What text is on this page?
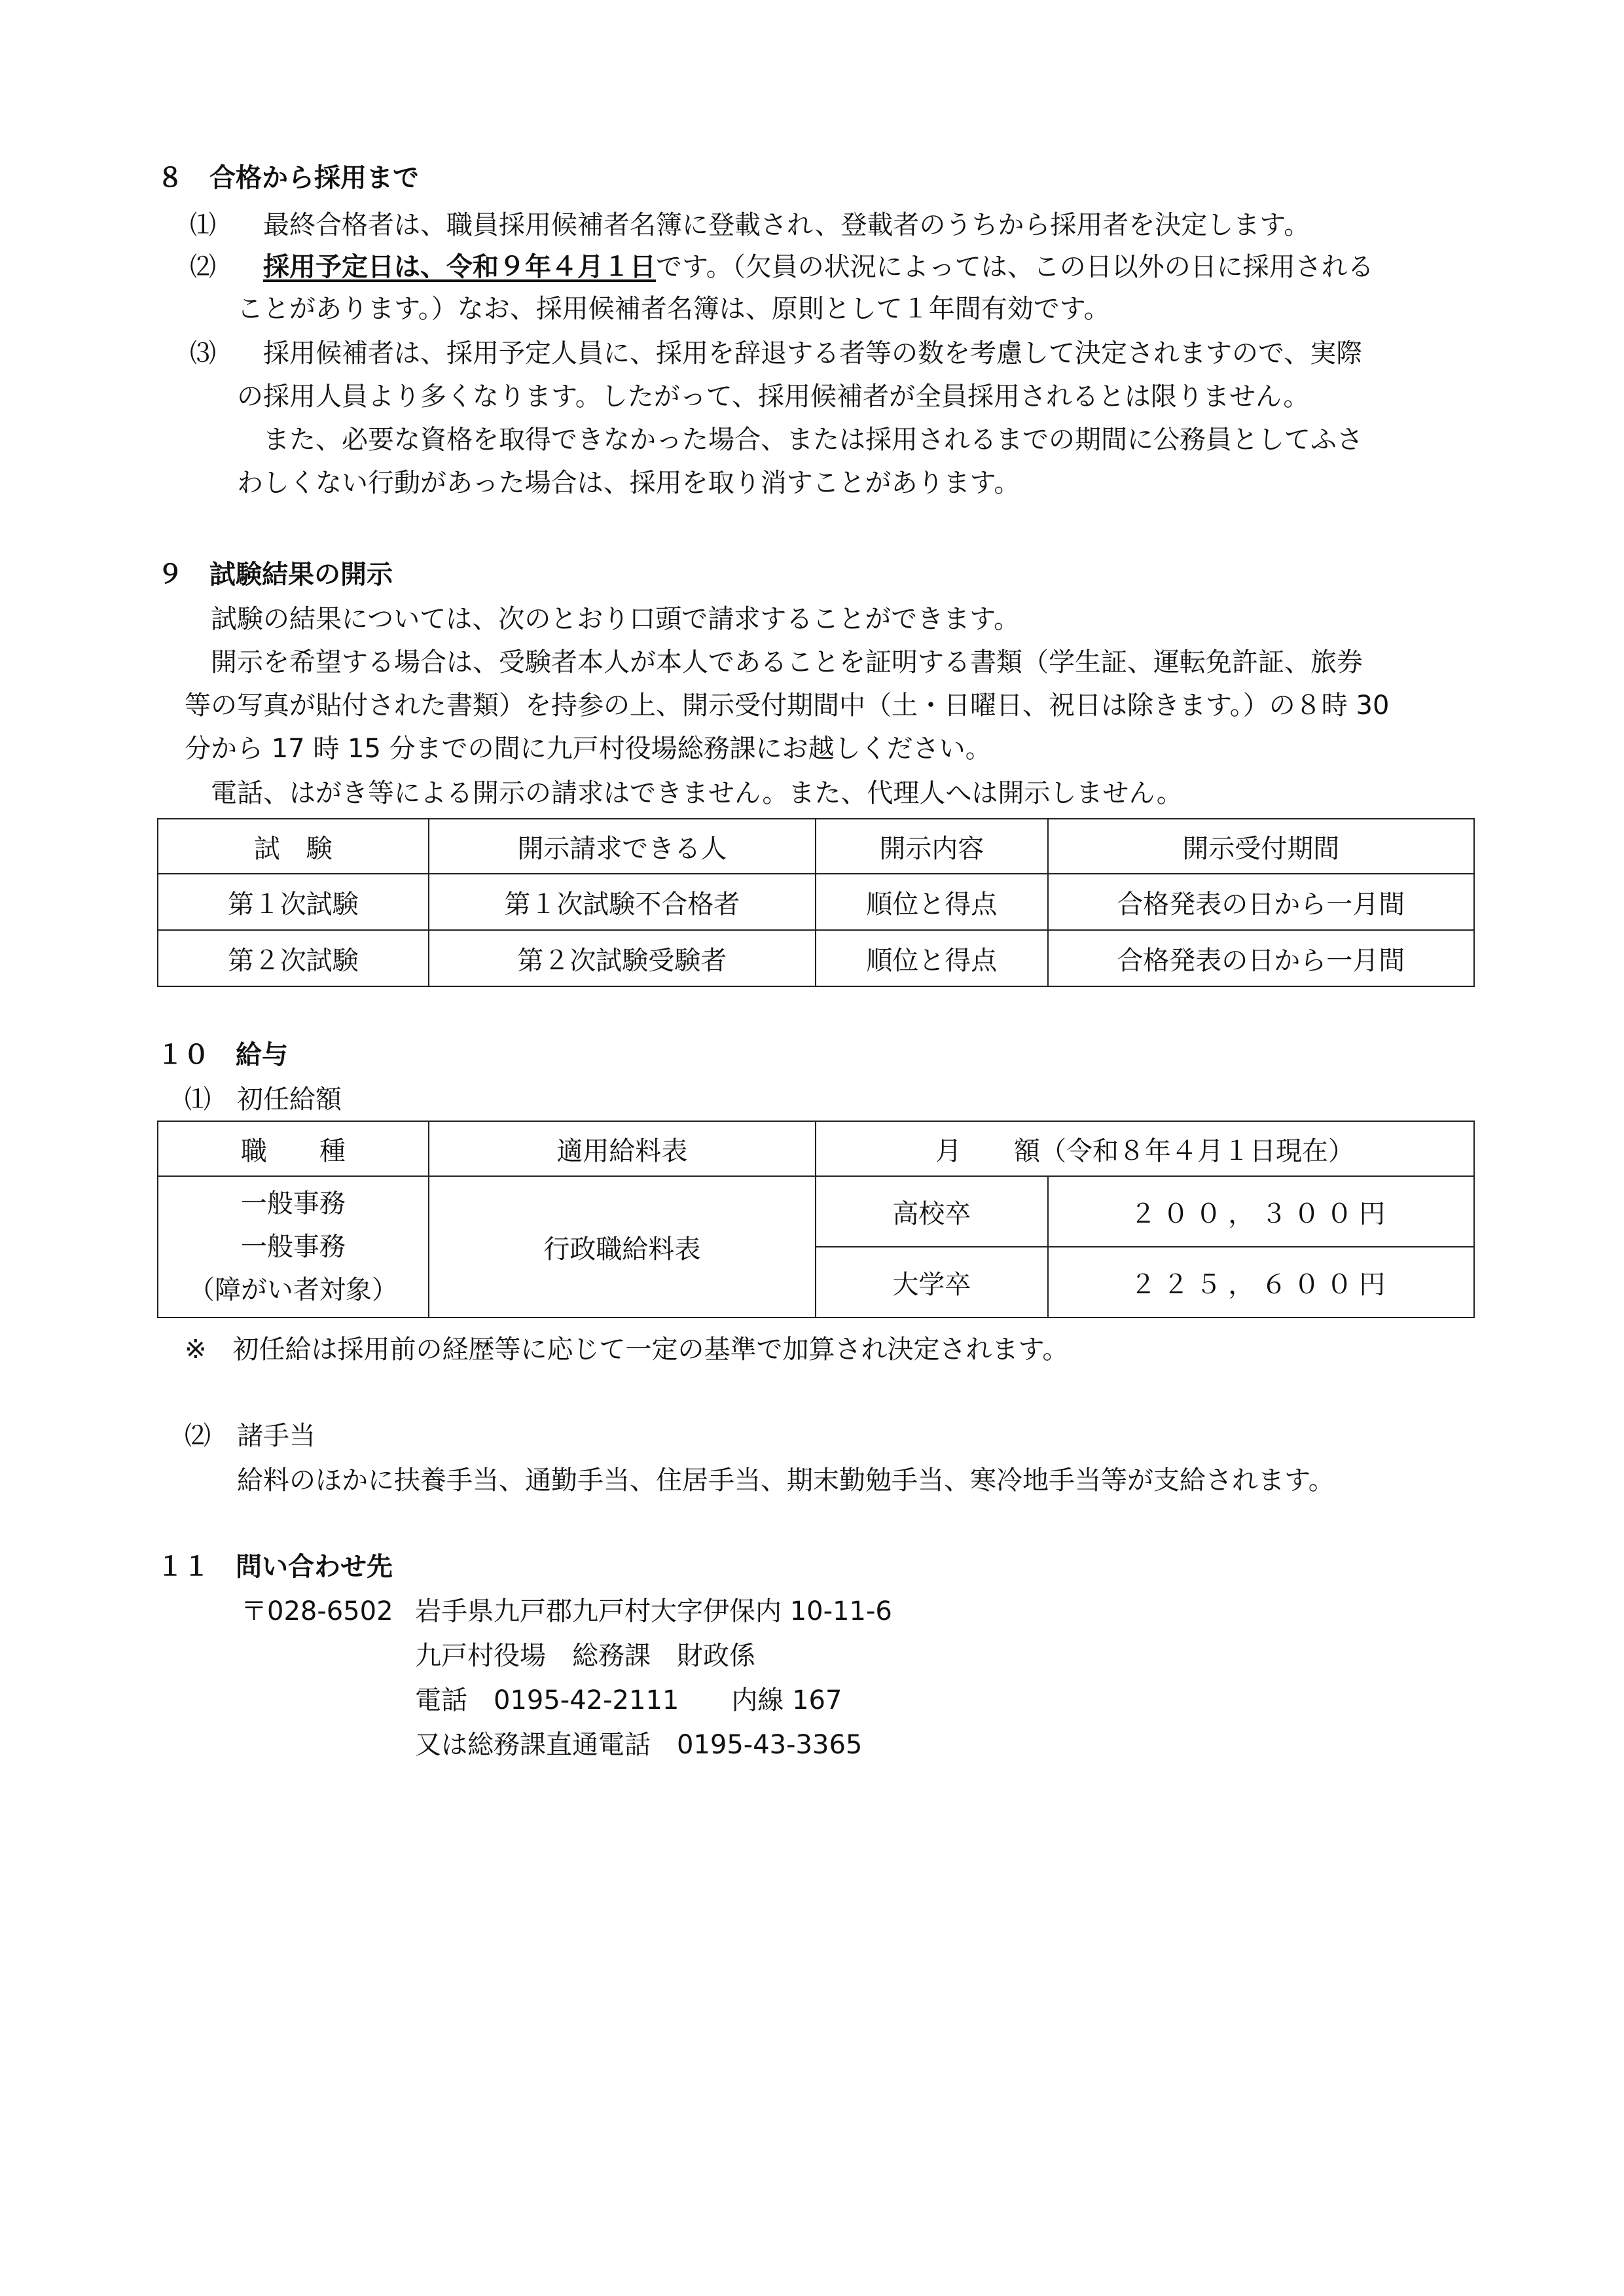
８　合格から採用まで
⑴ 最終合格者は、職員採用候補者名簿に登載され、登載者のうちから採用者を決定します。
⑵ 採用予定日は、令和９年４月１日です。（欠員の状況によっては、この日以外の日に採用される
ことがあります。）なお、採用候補者名簿は、原則として１年間有効です。
⑶ 採用候補者は、採用予定人員に、採用を辞退する者等の数を考慮して決定されますので、実際
の採用人員より多くなります。したがって、採用候補者が全員採用されるとは限りません。
また、必要な資格を取得できなかった場合、または採用されるまでの期間に公務員としてふさ
わしくない行動があった場合は、採用を取り消すことがあります。
９　試験結果の開示
試験の結果については、次のとおり口頭で請求することができます。
開示を希望する場合は、受験者本人が本人であることを証明する書類（学生証、運転免許証、旅券
等の写真が貼付された書類）を持参の上、開示受付期間中（土・日曜日、祝日は除きます。）の８時 30
分から 17 時 15 分までの間に九戸村役場総務課にお越しください。
電話、はがき等による開示の請求はできません。また、代理人へは開示しません。
試　験	開示請求できる人	開示内容	開示受付期間
第１次試験	第１次試験不合格者	順位と得点	合格発表の日から一月間
第２次試験	第２次試験受験者	順位と得点	合格発表の日から一月間
１０　給与
⑴　初任給額
職　　種	適用給料表	月　　額（令和８年４月１日現在）	

一般事務
一般事務
（障がい者対象）	行政職給料表	高校卒	２００，３００円
		大学卒	２２５，６００円
※　初任給は採用前の経歴等に応じて一定の基準で加算され決定されます。
⑵　諸手当
給料のほかに扶養手当、通勤手当、住居手当、期末勤勉手当、寒冷地手当等が支給されます。
１１　問い合わせ先
〒028-6502 岩手県九戸郡九戸村大字伊保内 10-11-6
九戸村役場　総務課　財政係
電話　0195-42-2111　　内線 167
又は総務課直通電話　0195-43-3365
